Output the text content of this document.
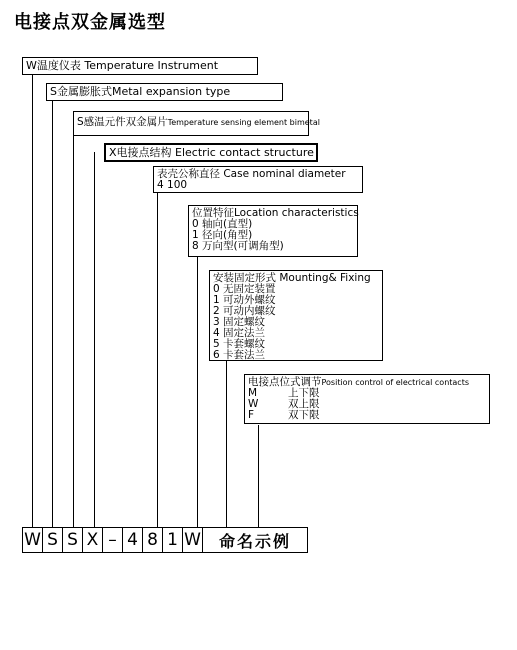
电接点双金属选型
W温度仪表 Temperature Instrument
S金属膨胀式Metal expansion type
S感温元件双金属片Temperature sensing element bimetal
X电接点结构 Electric contact structure
表壳公称直径 Case nominal diameter
4 100
位置特征Location characteristics
0 轴向(直型)
1 径向(角型)
8 万向型(可调角型)
安装固定形式 Mounting& Fixing
0 无固定装置
1 可动外螺纹
2 可动内螺纹
3 固定螺纹
4 固定法兰
5 卡套螺纹
6 卡套法兰
电接点位式调节Position control of electrical contacts
M	上下限
W	双上限
F	双下限
W S S X – 4 8 1 W	命名示例
